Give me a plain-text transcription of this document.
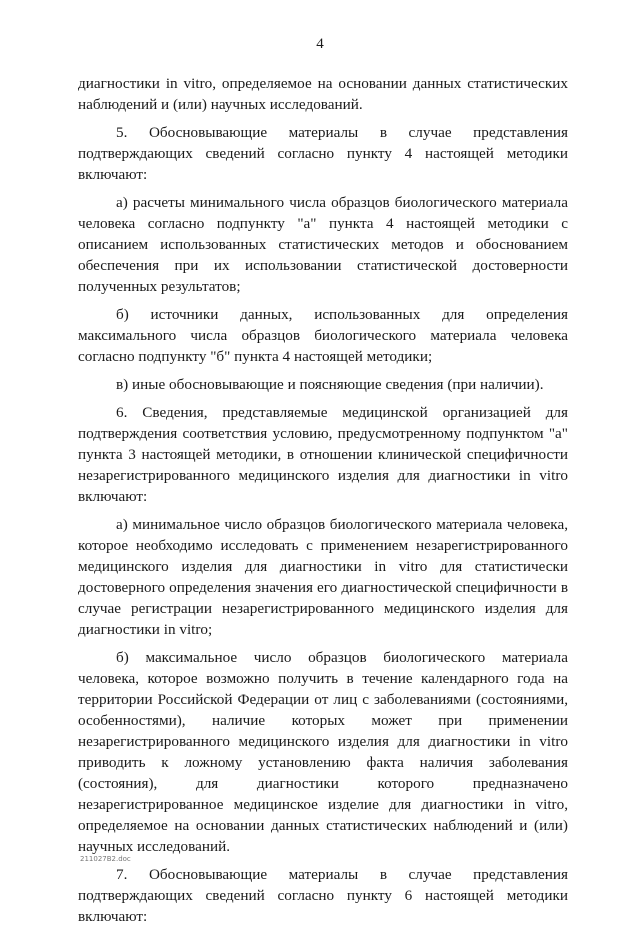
4

диагностики in vitro, определяемое на основании данных статистических наблюдений и (или) научных исследований.

5. Обосновывающие материалы в случае представления подтверждающих сведений согласно пункту 4 настоящей методики включают:

а) расчеты минимального числа образцов биологического материала человека согласно подпункту "а" пункта 4 настоящей методики с описанием использованных статистических методов и обоснованием обеспечения при их использовании статистической достоверности полученных результатов;

б) источники данных, использованных для определения максимального числа образцов биологического материала человека согласно подпункту "б" пункта 4 настоящей методики;

в) иные обосновывающие и поясняющие сведения (при наличии).

6. Сведения, представляемые медицинской организацией для подтверждения соответствия условию, предусмотренному подпунктом "а" пункта 3 настоящей методики, в отношении клинической специфичности незарегистрированного медицинского изделия для диагностики in vitro включают:

а) минимальное число образцов биологического материала человека, которое необходимо исследовать с применением незарегистрированного медицинского изделия для диагностики in vitro для статистически достоверного определения значения его диагностической специфичности в случае регистрации незарегистрированного медицинского изделия для диагностики in vitro;

б) максимальное число образцов биологического материала человека, которое возможно получить в течение календарного года на территории Российской Федерации от лиц с заболеваниями (состояниями, особенностями), наличие которых может при применении незарегистрированного медицинского изделия для диагностики in vitro приводить к ложному установлению факта наличия заболевания (состояния), для диагностики которого предназначено незарегистрированное медицинское изделие для диагностики in vitro, определяемое на основании данных статистических наблюдений и (или) научных исследований.

7. Обосновывающие материалы в случае представления подтверждающих сведений согласно пункту 6 настоящей методики включают:

211027В2.doc
